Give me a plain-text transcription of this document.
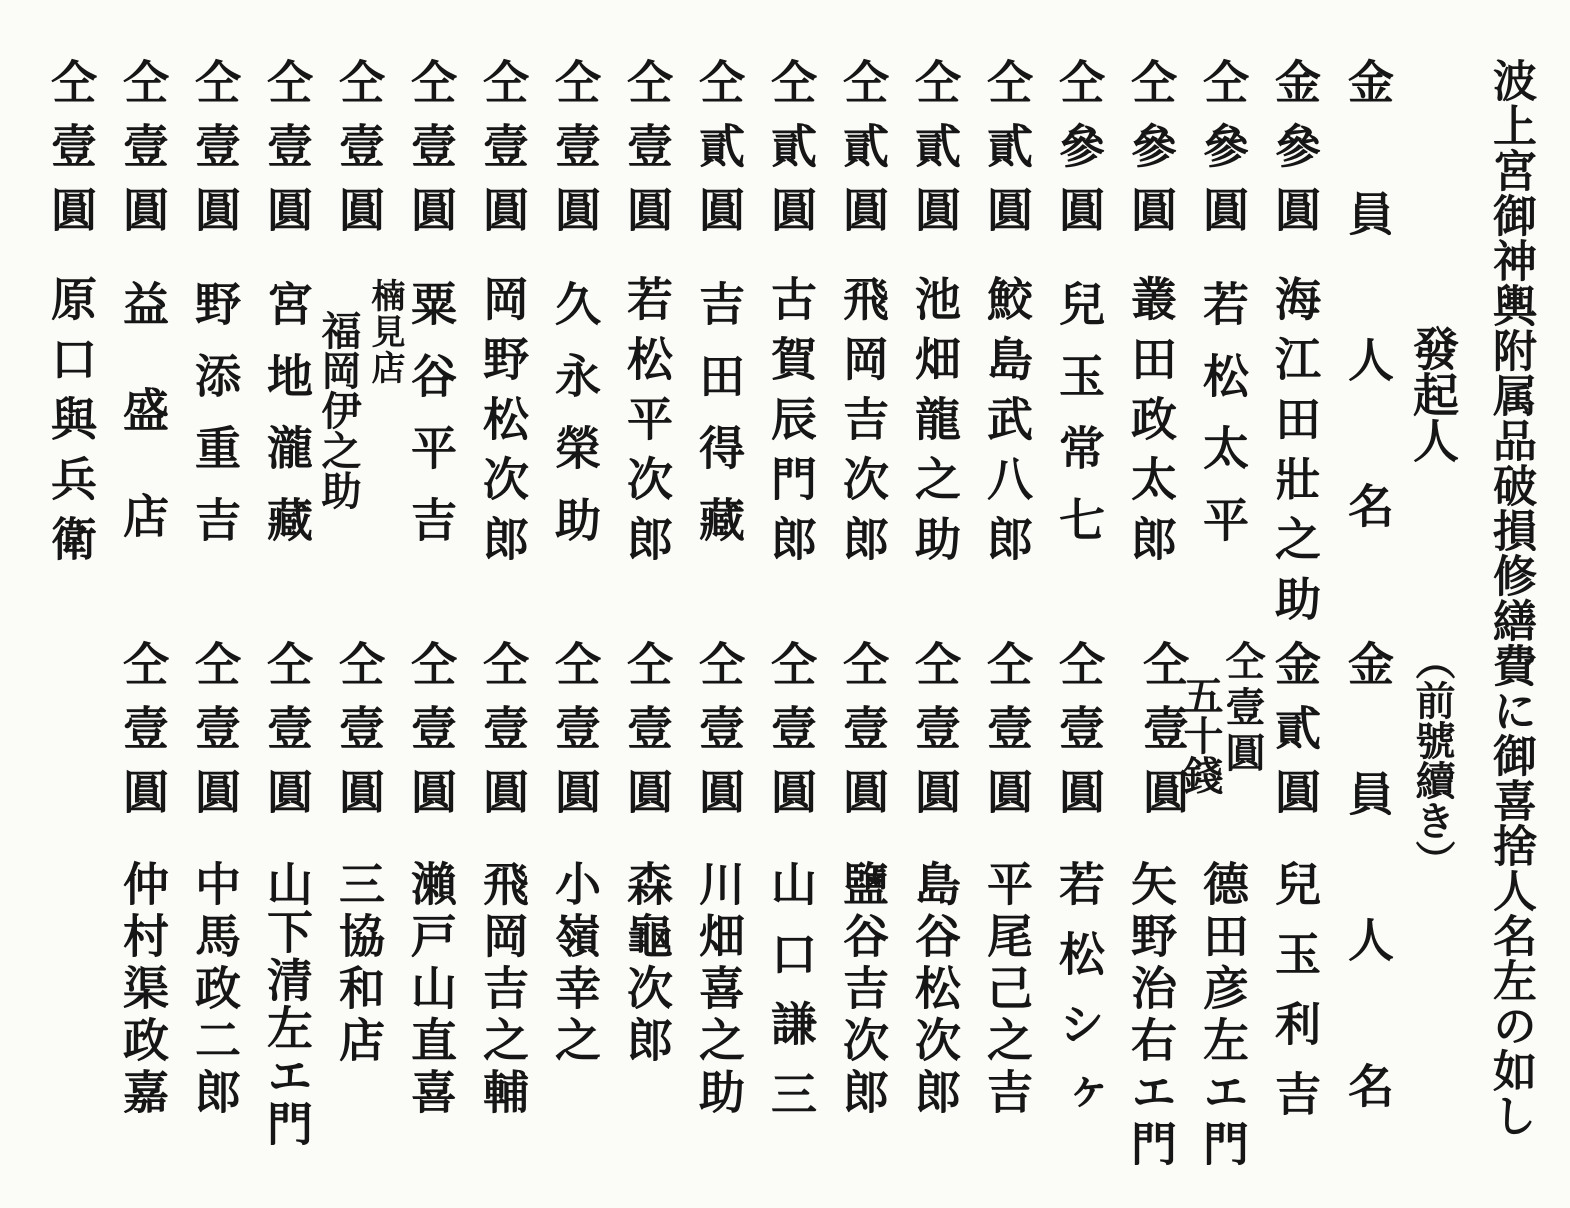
波上宮御神輿附属品破損修繕費に御喜捨人名左の如し
發起人
（前號續き）
金
員人名
金參圓
海江田壯之助
仝參圓
若松太平
仝參圓
叢田政太郎
仝參圓
兒玉常七
仝貳圓
鮫島武八郎
仝貳圓
池畑龍之助
仝貳圓
飛岡吉次郎
仝貳圓
古賀辰門郎
仝貳圓
吉田得藏
仝壹圓
若松平次郎
仝壹圓
久永榮助
仝壹圓
岡野松次郎
仝壹圓
粟谷平吉
仝壹圓
楠見店
福岡伊之助
仝壹圓
宮地瀧藏
仝壹圓
野添重吉
仝壹圓
益盛店
仝壹圓
原口與兵衛
金
員人名
金貳圓
兒玉利吉
仝壹圓
五十錢
德田彦左エ門
仝壹圓
矢野治右エ門
仝壹圓
若松シヶ
仝壹圓
平尾己之吉
仝壹圓
島谷松次郎
仝壹圓
鹽谷吉次郎
仝壹圓
山口謙三
仝壹圓
川畑喜之助
仝壹圓
森龜次郎
仝壹圓
小嶺幸之
仝壹圓
飛岡吉之輔
仝壹圓
瀨戸山直喜
仝壹圓
三協和店
仝壹圓
山下清左エ門
仝壹圓
中馬政二郎
仝壹圓
仲村渠政嘉
